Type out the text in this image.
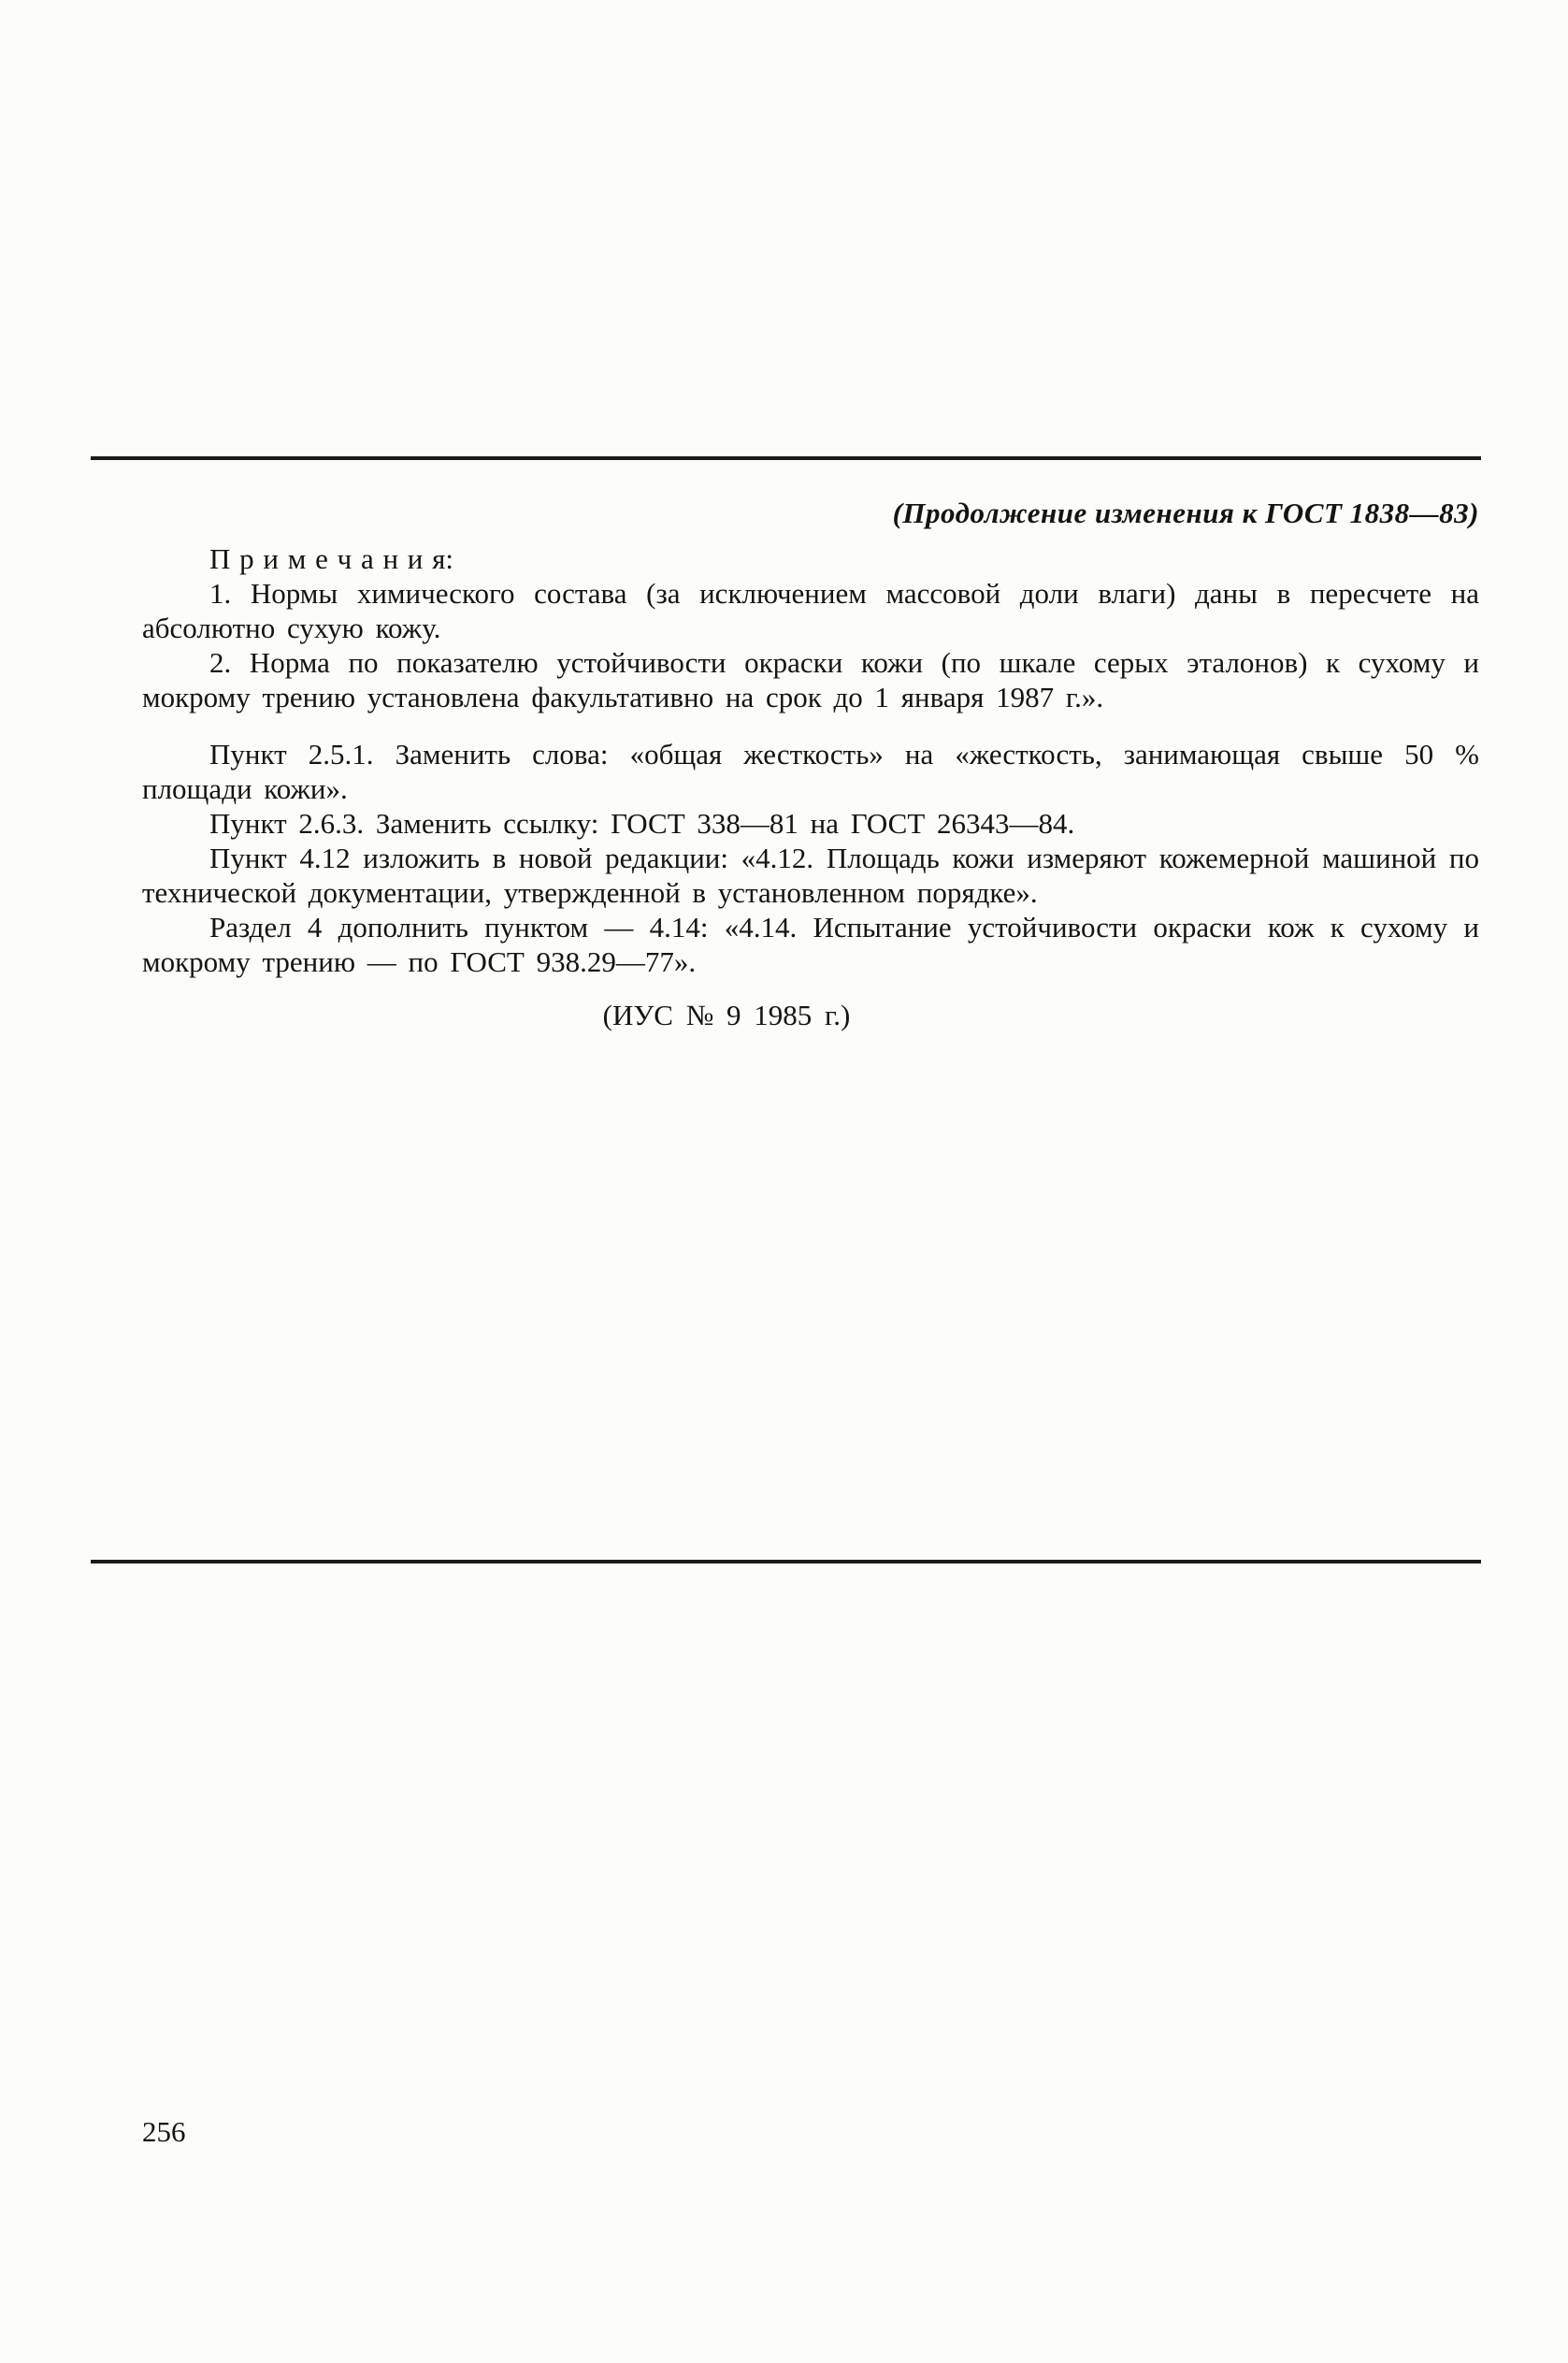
(Продолжение изменения к ГОСТ 1838—83)

П р и м е ч а н и я:

1. Нормы химического состава (за исключением массовой доли влаги) даны в пересчете на абсолютно сухую кожу.

2. Норма по показателю устойчивости окраски кожи (по шкале серых эталонов) к сухому и мокрому трению установлена факультативно на срок до 1 января 1987 г.».

Пункт 2.5.1. Заменить слова: «общая жесткость» на «жесткость, занимающая свыше 50 % площади кожи».

Пункт 2.6.3. Заменить ссылку: ГОСТ 338—81 на ГОСТ 26343—84.

Пункт 4.12 изложить в новой редакции: «4.12. Площадь кожи измеряют кожемерной машиной по технической документации, утвержденной в установленном порядке».

Раздел 4 дополнить пунктом — 4.14: «4.14. Испытание устойчивости окраски кож к сухому и мокрому трению — по ГОСТ 938.29—77».

(ИУС № 9 1985 г.)

256
